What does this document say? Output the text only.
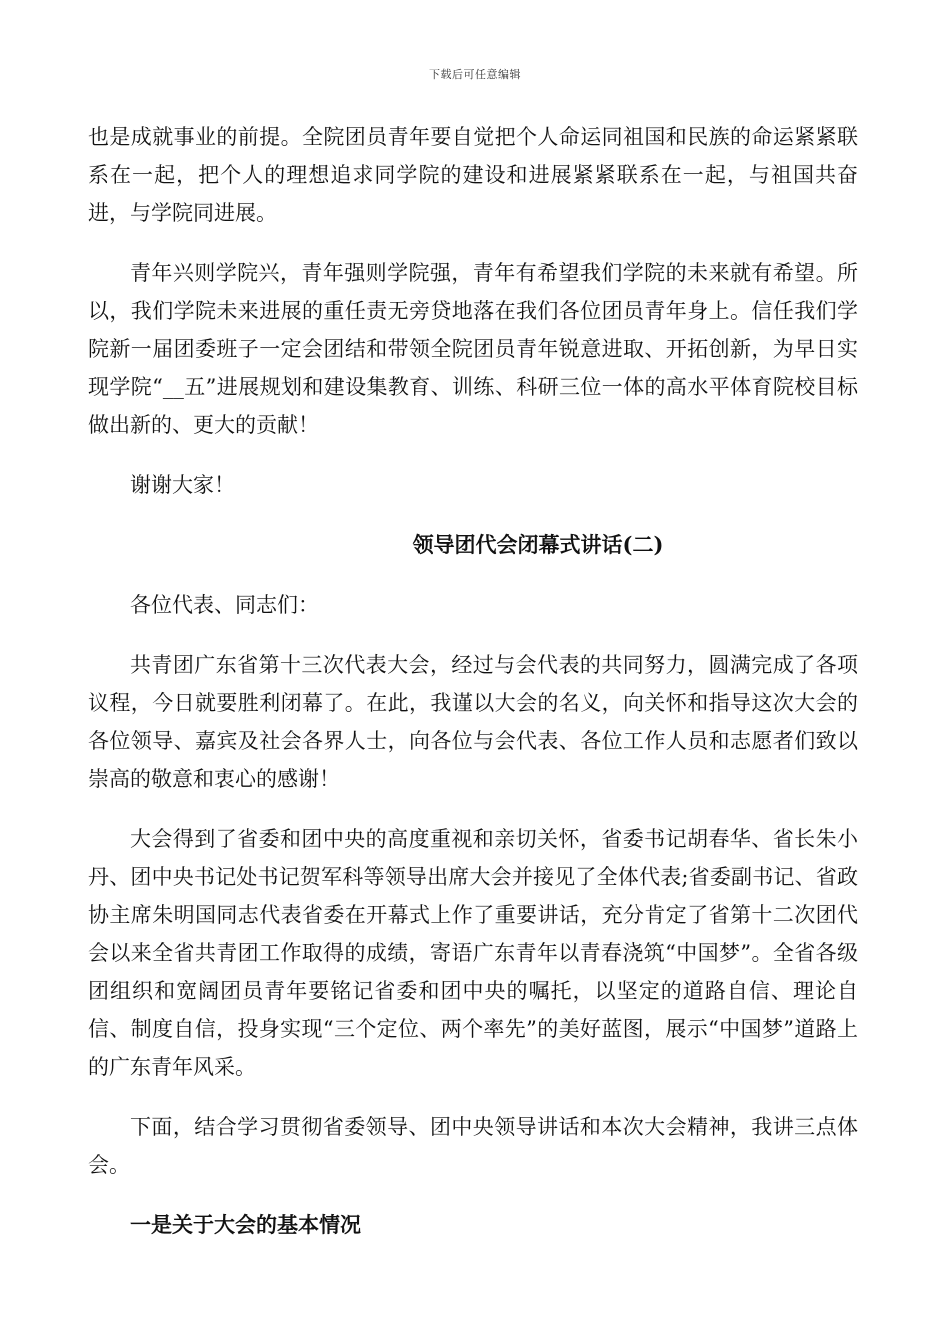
下载后可任意编辑

也是成就事业的前提。全院团员青年要自觉把个人命运同祖国和民族的命运紧紧联系在一起，把个人的理想追求同学院的建设和进展紧紧联系在一起，与祖国共奋进，与学院同进展。

青年兴则学院兴，青年强则学院强，青年有希望我们学院的未来就有希望。所以，我们学院未来进展的重任责无旁贷地落在我们各位团员青年身上。信任我们学院新一届团委班子一定会团结和带领全院团员青年锐意进取、开拓创新，为早日实现学院“__五”进展规划和建设集教育、训练、科研三位一体的高水平体育院校目标做出新的、更大的贡献！

谢谢大家！

领导团代会闭幕式讲话(二)

各位代表、同志们：

共青团广东省第十三次代表大会，经过与会代表的共同努力，圆满完成了各项议程，今日就要胜利闭幕了。在此，我谨以大会的名义，向关怀和指导这次大会的各位领导、嘉宾及社会各界人士，向各位与会代表、各位工作人员和志愿者们致以崇高的敬意和衷心的感谢！

大会得到了省委和团中央的高度重视和亲切关怀，省委书记胡春华、省长朱小丹、团中央书记处书记贺军科等领导出席大会并接见了全体代表;省委副书记、省政协主席朱明国同志代表省委在开幕式上作了重要讲话，充分肯定了省第十二次团代会以来全省共青团工作取得的成绩，寄语广东青年以青春浇筑“中国梦”。全省各级团组织和宽阔团员青年要铭记省委和团中央的嘱托，以坚定的道路自信、理论自信、制度自信，投身实现“三个定位、两个率先”的美好蓝图，展示“中国梦”道路上的广东青年风采。

下面，结合学习贯彻省委领导、团中央领导讲话和本次大会精神，我讲三点体会。

一是关于大会的基本情况
